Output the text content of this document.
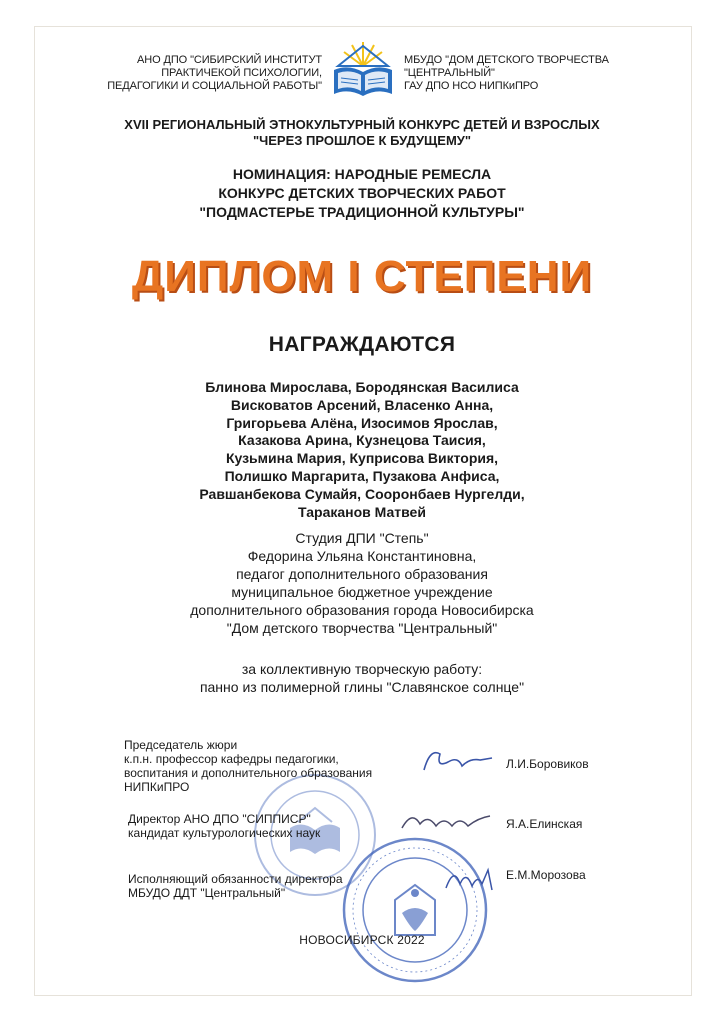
АНО ДПО "СИБИРСКИЙ ИНСТИТУТ
ПРАКТИЧЕКОЙ ПСИХОЛОГИИ,
ПЕДАГОГИКИ И СОЦИАЛЬНОЙ РАБОТЫ"
МБУДО "ДОМ ДЕТСКОГО ТВОРЧЕСТВА
"ЦЕНТРАЛЬНЫЙ"
ГАУ ДПО НСО НИПКиПРО
XVII РЕГИОНАЛЬНЫЙ ЭТНОКУЛЬТУРНЫЙ КОНКУРС ДЕТЕЙ И ВЗРОСЛЫХ
"ЧЕРЕЗ ПРОШЛОЕ К БУДУЩЕМУ"
НОМИНАЦИЯ: НАРОДНЫЕ РЕМЕСЛА
КОНКУРС ДЕТСКИХ ТВОРЧЕСКИХ РАБОТ
"ПОДМАСТЕРЬЕ ТРАДИЦИОННОЙ КУЛЬТУРЫ"
ДИПЛОМ I СТЕПЕНИ
НАГРАЖДАЮТСЯ
Блинова Мирослава, Бородянская Василиса
Висковатов Арсений, Власенко Анна,
Григорьева Алёна, Изосимов Ярослав,
Казакова Арина, Кузнецова Таисия,
Кузьмина Мария, Куприсова Виктория,
Полишко Маргарита, Пузакова Анфиса,
Равшанбекова Сумайя, Сооронбаев Нургелди,
Тараканов Матвей
Студия ДПИ "Степь"
Федорина Ульяна Константиновна,
педагог дополнительного образования
муниципальное бюджетное учреждение
дополнительного образования города Новосибирска
"Дом детского творчества "Центральный"
за коллективную творческую работу:
панно из полимерной глины "Славянское солнце"
Председатель жюри
к.п.н. профессор кафедры педагогики,
воспитания и дополнительного образования
НИПКиПРО
Л.И.Боровиков
Директор АНО ДПО "СИППИСР"
кандидат культурологических наук
Я.А.Елинская
Исполняющий обязанности директора
МБУДО ДДТ "Центральный"
Е.М.Морозова
НОВОСИБИРСК 2022
